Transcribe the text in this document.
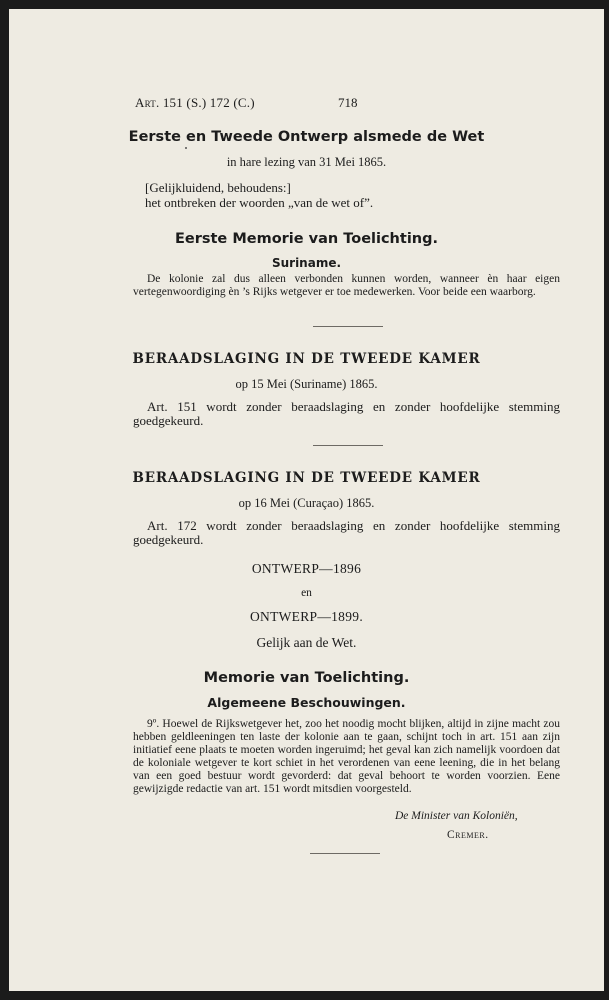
Art. 151 (S.) 172 (C.)	718
Eerste en Tweede Ontwerp alsmede de Wet
in hare lezing van 31 Mei 1865.
[Gelijkluidend, behoudens:]
het ontbreken der woorden „van de wet of”.
Eerste Memorie van Toelichting.
Suriname.

De kolonie zal dus alleen verbonden kunnen worden, wanneer èn haar eigen vertegenwoordiging èn ’s Rijks wetgever er toe medewerken. Voor beide een waarborg.

BERAADSLAGING IN DE TWEEDE KAMER
op 15 Mei (Suriname) 1865.

Art. 151 wordt zonder beraadslaging en zonder hoofdelijke stemming goedgekeurd.

BERAADSLAGING IN DE TWEEDE KAMER
op 16 Mei (Curaçao) 1865.

Art. 172 wordt zonder beraadslaging en zonder hoofdelijke stemming goedgekeurd.

ONTWERP—1896
en
ONTWERP—1899.
Gelijk aan de Wet.
Memorie van Toelichting.
Algemeene Beschouwingen.

9º. Hoewel de Rijkswetgever het, zoo het noodig mocht blijken, altijd in zijne macht zou hebben geldleeningen ten laste der kolonie aan te gaan, schijnt toch in art. 151 aan zijn initiatief eene plaats te moeten worden ingeruimd; het geval kan zich namelijk voordoen dat de koloniale wetgever te kort schiet in het verordenen van eene leening, die in het belang van een goed bestuur wordt gevorderd: dat geval behoort te worden voorzien. Eene gewijzigde redactie van art. 151 wordt mitsdien voorgesteld.

De Minister van Koloniën,
Cremer.
